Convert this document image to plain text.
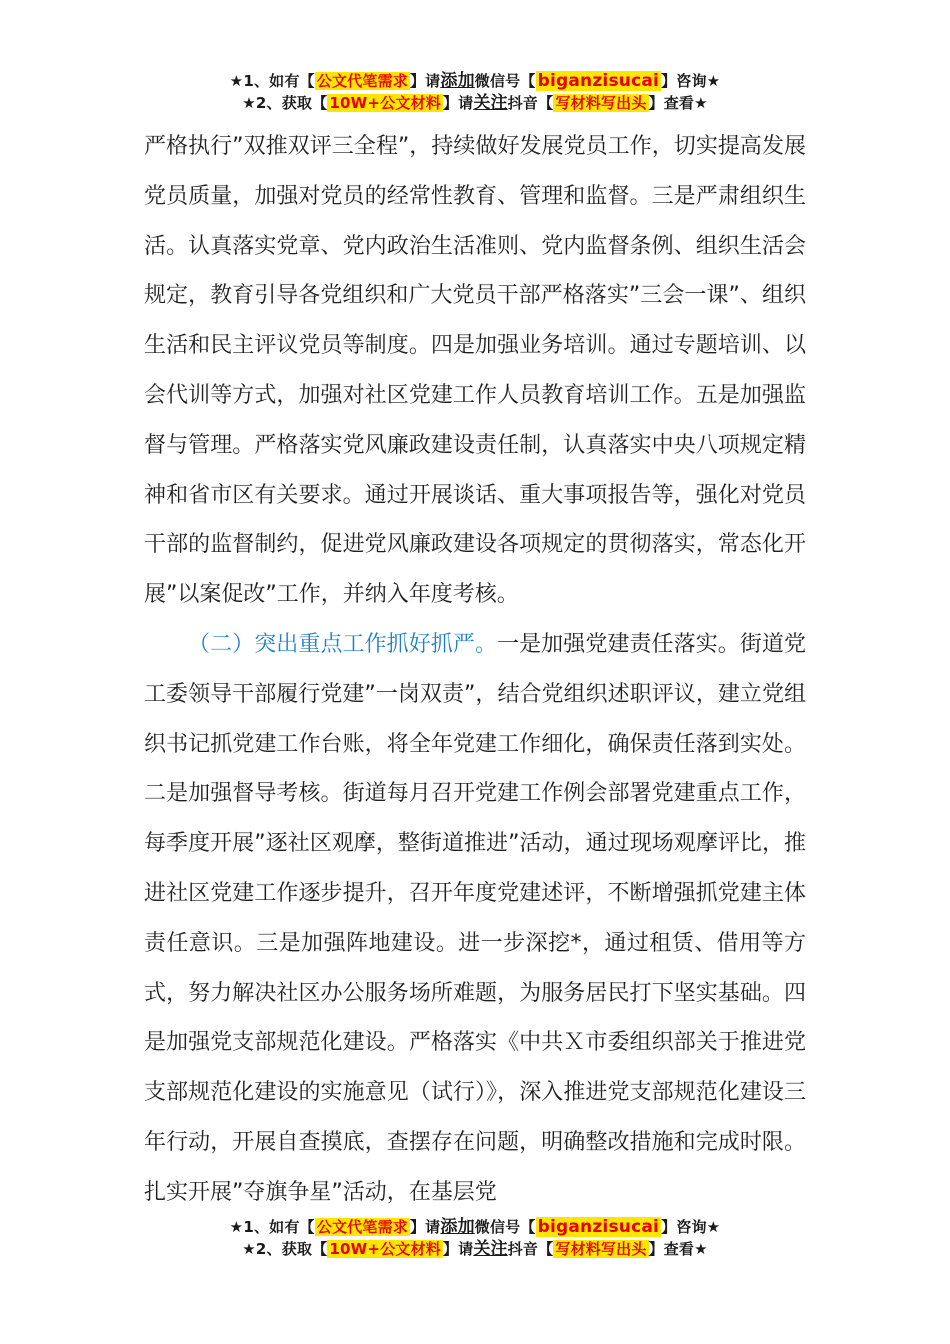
★1、如有【 公文代笔需求 】请添加微信号【 biganzisucai 】咨询★
★2、获取【 10W+公文材料 】请关注抖音【 写材料写出头 】查看★

严格执行”双推双评三全程”，持续做好发展党员工作，切实提高发展党员质量，加强对党员的经常性教育、管理和监督。三是严肃组织生活。认真落实党章、党内政治生活准则、党内监督条例、组织生活会规定，教育引导各党组织和广大党员干部严格落实”三会一课”、组织生活和民主评议党员等制度。四是加强业务培训。通过专题培训、以会代训等方式，加强对社区党建工作人员教育培训工作。五是加强监督与管理。严格落实党风廉政建设责任制，认真落实中央八项规定精神和省市区有关要求。通过开展谈话、重大事项报告等，强化对党员干部的监督制约，促进党风廉政建设各项规定的贯彻落实，常态化开展”以案促改”工作，并纳入年度考核。

（二）突出重点工作抓好抓严。一是加强党建责任落实。街道党工委领导干部履行党建”一岗双责”，结合党组织述职评议，建立党组织书记抓党建工作台账，将全年党建工作细化，确保责任落到实处。二是加强督导考核。街道每月召开党建工作例会部署党建重点工作，每季度开展”逐社区观摩，整街道推进”活动，通过现场观摩评比，推进社区党建工作逐步提升，召开年度党建述评，不断增强抓党建主体责任意识。三是加强阵地建设。进一步深挖*，通过租赁、借用等方式，努力解决社区办公服务场所难题，为服务居民打下坚实基础。四是加强党支部规范化建设。严格落实《中共Ｘ市委组织部关于推进党支部规范化建设的实施意见（试行）》，深入推进党支部规范化建设三年行动，开展自查摸底，查摆存在问题，明确整改措施和完成时限。扎实开展”夺旗争星”活动，在基层党

★1、如有【 公文代笔需求 】请添加微信号【 biganzisucai 】咨询★
★2、获取【 10W+公文材料 】请关注抖音【 写材料写出头 】查看★
